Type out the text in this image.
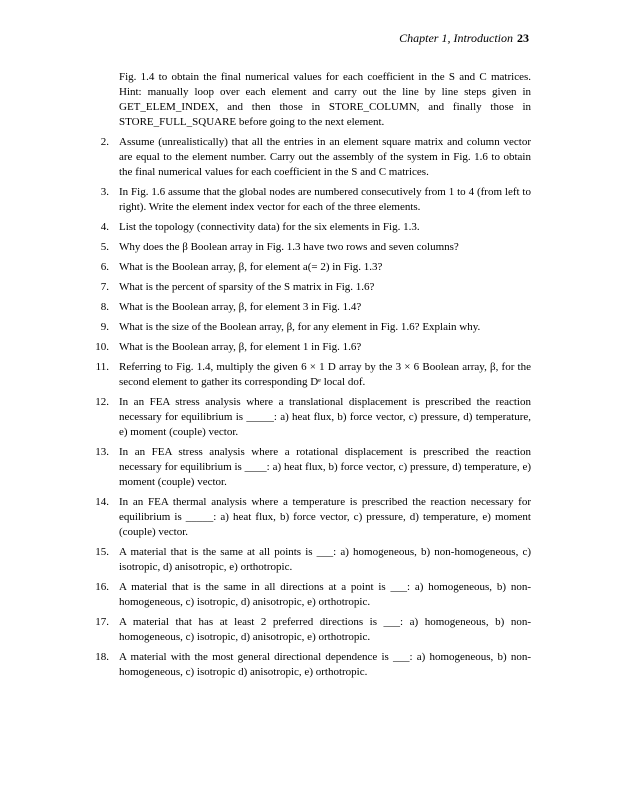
Chapter 1, Introduction 23
Fig. 1.4 to obtain the final numerical values for each coefficient in the S and C matrices. Hint: manually loop over each element and carry out the line by line steps given in GET_ELEM_INDEX, and then those in STORE_COLUMN, and finally those in STORE_FULL_SQUARE before going to the next element.
2. Assume (unrealistically) that all the entries in an element square matrix and column vector are equal to the element number. Carry out the assembly of the system in Fig. 1.6 to obtain the final numerical values for each coefficient in the S and C matrices.
3. In Fig. 1.6 assume that the global nodes are numbered consecutively from 1 to 4 (from left to right). Write the element index vector for each of the three elements.
4. List the topology (connectivity data) for the six elements in Fig. 1.3.
5. Why does the β Boolean array in Fig. 1.3 have two rows and seven columns?
6. What is the Boolean array, β, for element a(= 2) in Fig. 1.3?
7. What is the percent of sparsity of the S matrix in Fig. 1.6?
8. What is the Boolean array, β, for element 3 in Fig. 1.4?
9. What is the size of the Boolean array, β, for any element in Fig. 1.6? Explain why.
10. What is the Boolean array, β, for element 1 in Fig. 1.6?
11. Referring to Fig. 1.4, multiply the given 6 × 1 D array by the 3 × 6 Boolean array, β, for the second element to gather its corresponding Dᵉ local dof.
12. In an FEA stress analysis where a translational displacement is prescribed the reaction necessary for equilibrium is _____: a) heat flux, b) force vector, c) pressure, d) temperature, e) moment (couple) vector.
13. In an FEA stress analysis where a rotational displacement is prescribed the reaction necessary for equilibrium is ____: a) heat flux, b) force vector, c) pressure, d) temperature, e) moment (couple) vector.
14. In an FEA thermal analysis where a temperature is prescribed the reaction necessary for equilibrium is _____: a) heat flux, b) force vector, c) pressure, d) temperature, e) moment (couple) vector.
15. A material that is the same at all points is ___: a) homogeneous, b) non-homogeneous, c) isotropic, d) anisotropic, e) orthotropic.
16. A material that is the same in all directions at a point is ___: a) homogeneous, b) non-homogeneous, c) isotropic, d) anisotropic, e) orthotropic.
17. A material that has at least 2 preferred directions is ___: a) homogeneous, b) non-homogeneous, c) isotropic, d) anisotropic, e) orthotropic.
18. A material with the most general directional dependence is ___: a) homogeneous, b) non-homogeneous, c) isotropic d) anisotropic, e) orthotropic.
